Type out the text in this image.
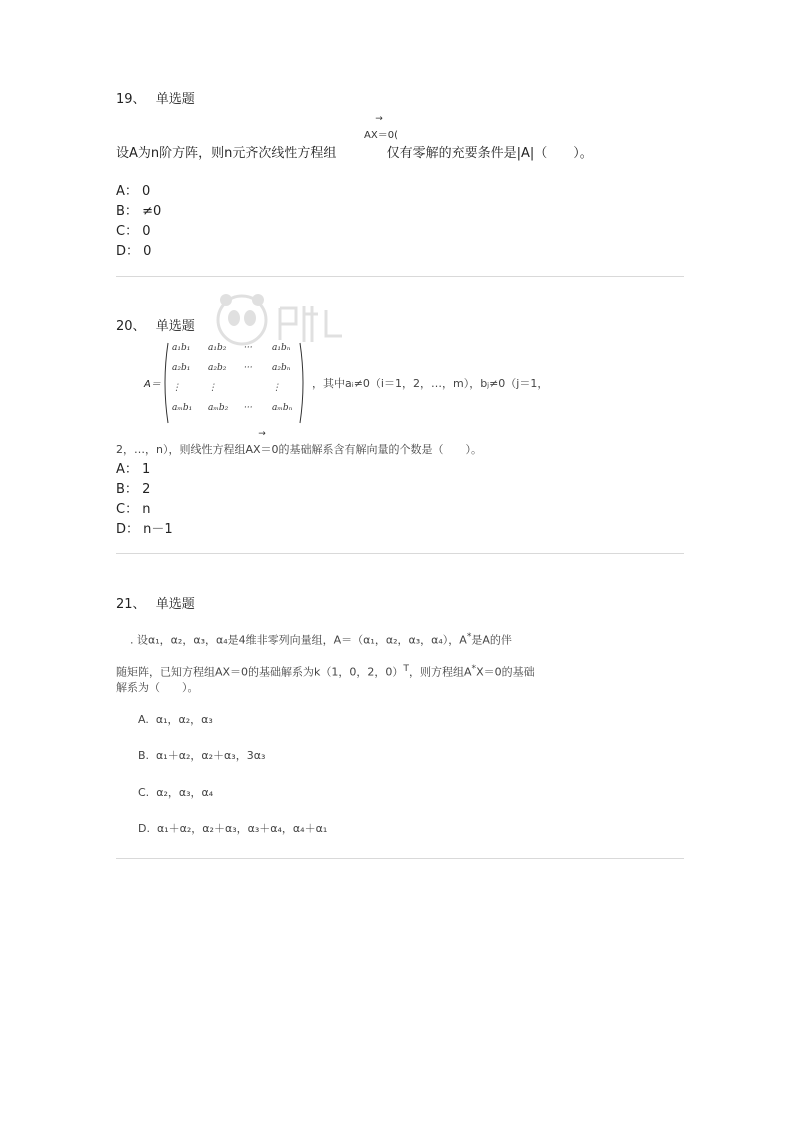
19、 单选题
→ AX＝0(
设A为n阶方阵，则n元齐次线性方程组	仅有零解的充要条件是|A|（　　）。
A： 0
B： ≠0
C： 0
D： 0
20、 单选题
A＝
a₁b₁	a₁b₂	···	a₁bₙ
a₂b₁	a₂b₂	···	a₂bₙ
⋮	⋮	⋮
aₘb₁	aₘb₂	···	aₘbₙ
，其中aᵢ≠0（i＝1，2，…，m），bⱼ≠0（j＝1，
2，…，n），则线性方程组→ AX＝0的基础解系含有解向量的个数是（　　）。
A： 1
B： 2
C： n
D： n－1
21、 单选题
. 设α₁，α₂，α₃，α₄是4维非零列向量组，A＝（α₁，α₂，α₃，α₄），A*是A的伴
随矩阵，已知方程组AX＝0的基础解系为k（1，0，2，0）$^T$，则方程组A*X＝0的基础
解系为（　　）。
A. α₁，α₂，α₃
B. α₁＋α₂，α₂＋α₃，3α₃
C. α₂，α₃，α₄
D. α₁＋α₂，α₂＋α₃，α₃＋α₄，α₄＋α₁
